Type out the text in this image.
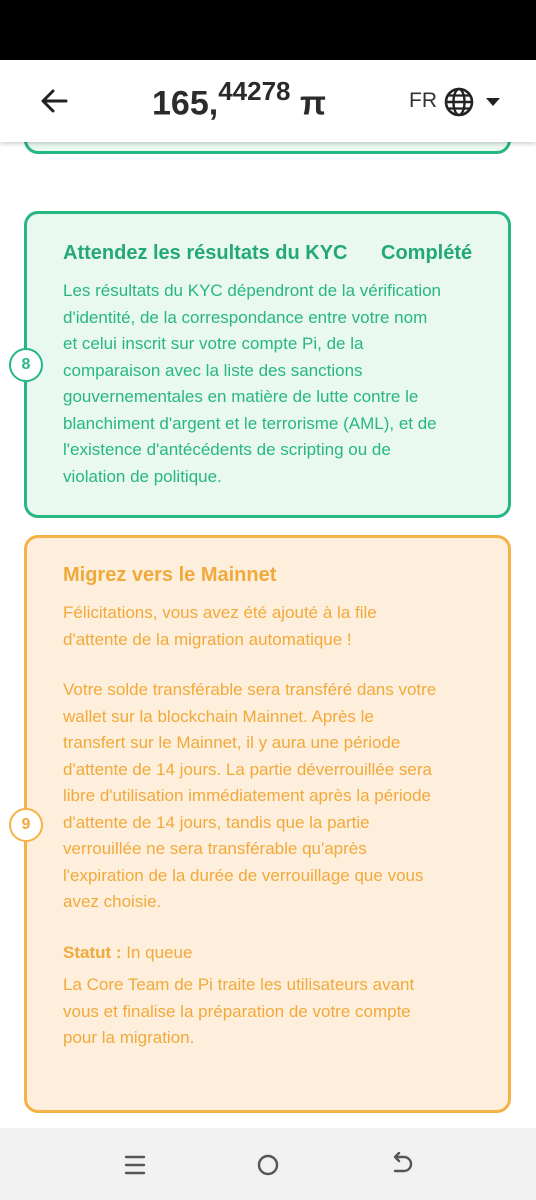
165,$^{44278}$ π	FR
Attendez les résultats du KYC Complété

Les résultats du KYC dépendront de la vérification

d'identité, de la correspondance entre votre nom

et celui inscrit sur votre compte Pi, de la

comparaison avec la liste des sanctions

gouvernementales en matière de lutte contre le

blanchiment d'argent et le terrorisme (AML), et de

l'existence d'antécédents de scripting ou de

violation de politique.

8
Migrez vers le Mainnet

Félicitations, vous avez été ajouté à la file

d'attente de la migration automatique !

Votre solde transférable sera transféré dans votre

wallet sur la blockchain Mainnet. Après le

transfert sur le Mainnet, il y aura une période

d'attente de 14 jours. La partie déverrouillée sera

libre d'utilisation immédiatement après la période

d'attente de 14 jours, tandis que la partie

verrouillée ne sera transférable qu'après

l'expiration de la durée de verrouillage que vous

avez choisie.

Statut : In queue

La Core Team de Pi traite les utilisateurs avant

vous et finalise la préparation de votre compte

pour la migration.

9
